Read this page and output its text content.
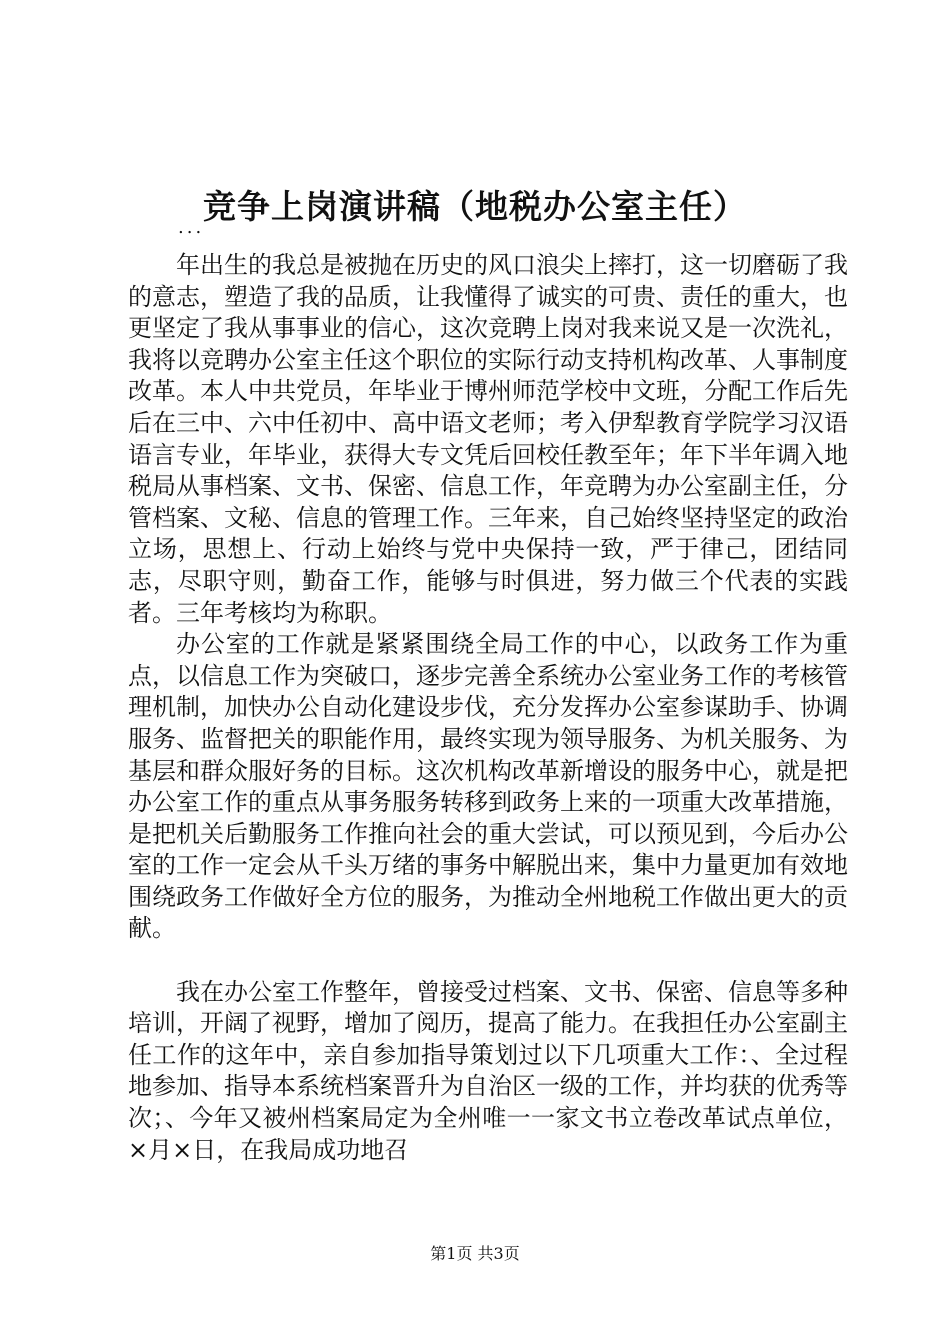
竞争上岗演讲稿（地税办公室主任）
...

年出生的我总是被抛在历史的风口浪尖上摔打，这一切磨砺了我的意志，塑造了我的品质，让我懂得了诚实的可贵、责任的重大，也更坚定了我从事事业的信心，这次竞聘上岗对我来说又是一次洗礼，我将以竞聘办公室主任这个职位的实际行动支持机构改革、人事制度改革。本人中共党员，年毕业于博州师范学校中文班，分配工作后先后在三中、六中任初中、高中语文老师；考入伊犁教育学院学习汉语语言专业，年毕业，获得大专文凭后回校任教至年；年下半年调入地税局从事档案、文书、保密、信息工作，年竞聘为办公室副主任，分管档案、文秘、信息的管理工作。三年来，自己始终坚持坚定的政治立场，思想上、行动上始终与党中央保持一致，严于律己，团结同志，尽职守则，勤奋工作，能够与时俱进，努力做三个代表的实践者。三年考核均为称职。

办公室的工作就是紧紧围绕全局工作的中心，以政务工作为重点，以信息工作为突破口，逐步完善全系统办公室业务工作的考核管理机制，加快办公自动化建设步伐，充分发挥办公室参谋助手、协调服务、监督把关的职能作用，最终实现为领导服务、为机关服务、为基层和群众服好务的目标。这次机构改革新增设的服务中心，就是把办公室工作的重点从事务服务转移到政务上来的一项重大改革措施，是把机关后勤服务工作推向社会的重大尝试，可以预见到，今后办公室的工作一定会从千头万绪的事务中解脱出来，集中力量更加有效地围绕政务工作做好全方位的服务，为推动全州地税工作做出更大的贡献。

我在办公室工作整年，曾接受过档案、文书、保密、信息等多种培训，开阔了视野，增加了阅历，提高了能力。在我担任办公室副主任工作的这年中，亲自参加指导策划过以下几项重大工作：、全过程地参加、指导本系统档案晋升为自治区一级的工作，并均获的优秀等次；、今年又被州档案局定为全州唯一一家文书立卷改革试点单位，×月×日，在我局成功地召

第1页 共3页
